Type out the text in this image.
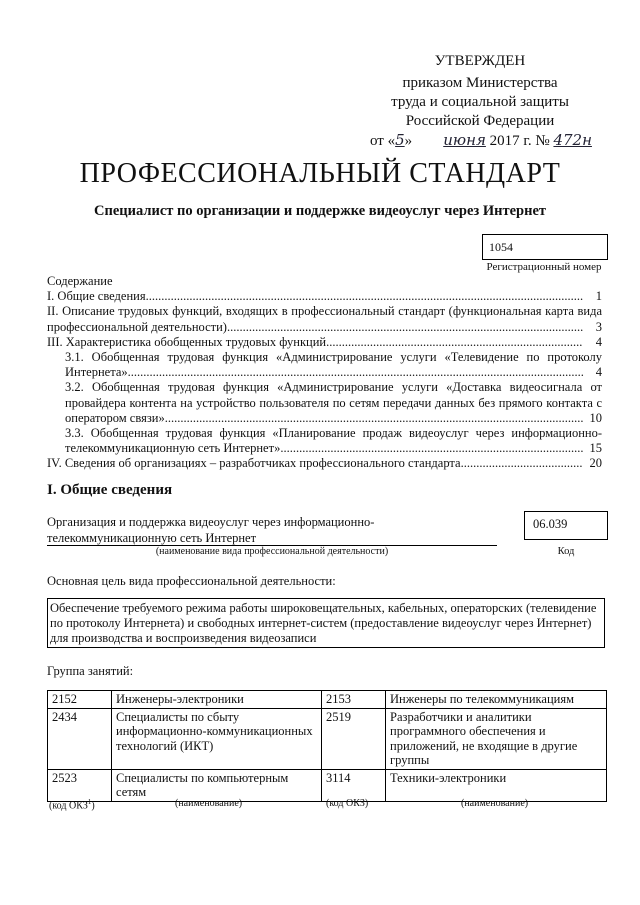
УТВЕРЖДЕН
приказом Министерства
труда и социальной защиты
Российской Федерации
от «5» июня 2017 г. № 472н
ПРОФЕССИОНАЛЬНЫЙ СТАНДАРТ
Специалист по организации и поддержке видеоуслуг через Интернет
1054
Регистрационный номер
Содержание
I. Общие сведения............................................................................................................................................ 1
II. Описание трудовых функций, входящих в профессиональный стандарт (функциональная карта вида профессиональной деятельности).................................................................................................................. 3
III. Характеристика обобщенных трудовых функций.................................................................................. 4
3.1. Обобщенная трудовая функция «Администрирование услуги «Телевидение по протоколу Интернета».................................................................................................................................................. 4
3.2. Обобщенная трудовая функция «Администрирование услуги «Доставка видеосигнала от провайдера контента на устройство пользователя по сетям передачи данных без прямого контакта с оператором связи»...................................................................................................................................... 10
3.3. Обобщенная трудовая функция «Планирование продаж видеоуслуг через информационно-телекоммуникационную сеть Интернет»................................................................................................. 15
IV. Сведения об организациях – разработчиках профессионального стандарта....................................... 20
I. Общие сведения
Организация и поддержка видеоуслуг через информационно-телекоммуникационную сеть Интернет
(наименование вида профессиональной деятельности)
06.039
Код
Основная цель вида профессиональной деятельности:
Обеспечение требуемого режима работы широковещательных, кабельных, операторских (телевидение по протоколу Интернета) и свободных интернет-систем (предоставление видеоуслуг через Интернет) для производства и воспроизведения видеозаписи
Группа занятий:
2152	Инженеры-электроники	2153	Инженеры по телекоммуникациям
2434	Специалисты по сбыту информационно-коммуникационных технологий (ИКТ)	2519	Разработчики и аналитики программного обеспечения и приложений, не входящие в другие группы
2523	Специалисты по компьютерным сетям	3114	Техники-электроники
(код ОКЗ$^1$)	(наименование)	(код ОКЗ)	(наименование)
